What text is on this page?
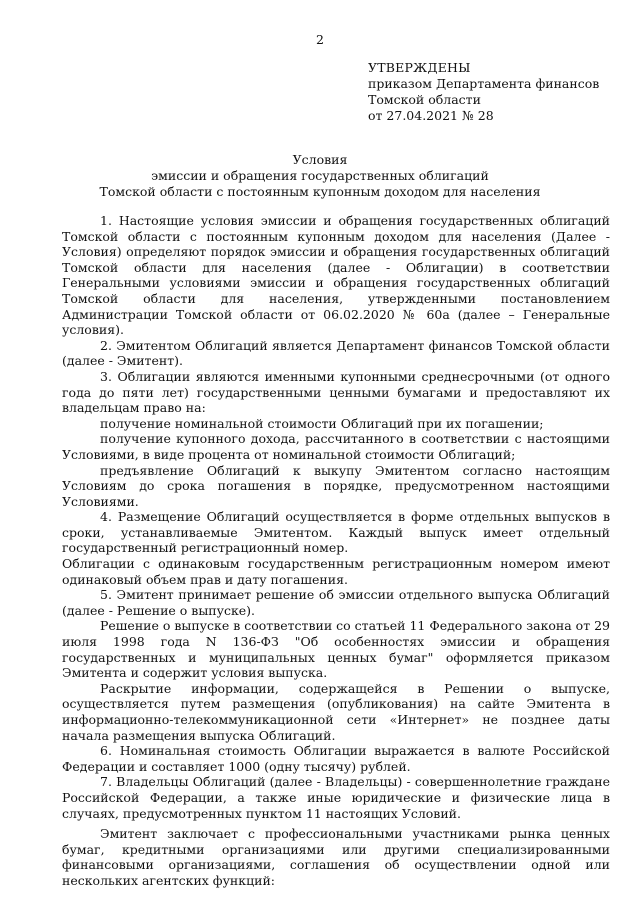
2
УТВЕРЖДЕНЫ
приказом Департамента финансов
Томской области
от 27.04.2021 № 28
Условия
эмиссии и обращения государственных облигаций
Томской области с постоянным купонным доходом для населения

1. Настоящие условия эмиссии и обращения государственных облигаций Томской области с постоянным купонным доходом для населения (Далее - Условия) определяют порядок эмиссии и обращения государственных облигаций Томской области для населения (далее - Облигации) в соответствии Генеральными условиями эмиссии и обращения государственных облигаций Томской области для населения, утвержденными постановлением Администрации Томской области от 06.02.2020 № 60а (далее – Генеральные условия).

2. Эмитентом Облигаций является Департамент финансов Томской области (далее - Эмитент).

3. Облигации являются именными купонными среднесрочными (от одного года до пяти лет) государственными ценными бумагами и предоставляют их владельцам право на:

получение номинальной стоимости Облигаций при их погашении;

получение купонного дохода, рассчитанного в соответствии с настоящими Условиями, в виде процента от номинальной стоимости Облигаций;

предъявление Облигаций к выкупу Эмитентом согласно настоящим Условиям до срока погашения в порядке, предусмотренном настоящими Условиями.

4. Размещение Облигаций осуществляется в форме отдельных выпусков в сроки, устанавливаемые Эмитентом. Каждый выпуск имеет отдельный государственный регистрационный номер.

Облигации с одинаковым государственным регистрационным номером имеют одинаковый объем прав и дату погашения.

5. Эмитент принимает решение об эмиссии отдельного выпуска Облигаций (далее - Решение о выпуске).

Решение о выпуске в соответствии со статьей 11 Федерального закона от 29 июля 1998 года N 136-ФЗ "Об особенностях эмиссии и обращения государственных и муниципальных ценных бумаг" оформляется приказом Эмитента и содержит условия выпуска.

Раскрытие информации, содержащейся в Решении о выпуске, осуществляется путем размещения (опубликования) на сайте Эмитента в информационно-телекоммуникационной сети «Интернет» не позднее даты начала размещения выпуска Облигаций.

6. Номинальная стоимость Облигации выражается в валюте Российской Федерации и составляет 1000 (одну тысячу) рублей.

7. Владельцы Облигаций (далее - Владельцы) - совершеннолетние граждане Российской Федерации, а также иные юридические и физические лица в случаях, предусмотренных пунктом 11 настоящих Условий.

Эмитент заключает с профессиональными участниками рынка ценных бумаг, кредитными организациями или другими специализированными финансовыми организациями, соглашения об осуществлении одной или нескольких агентских функций:
